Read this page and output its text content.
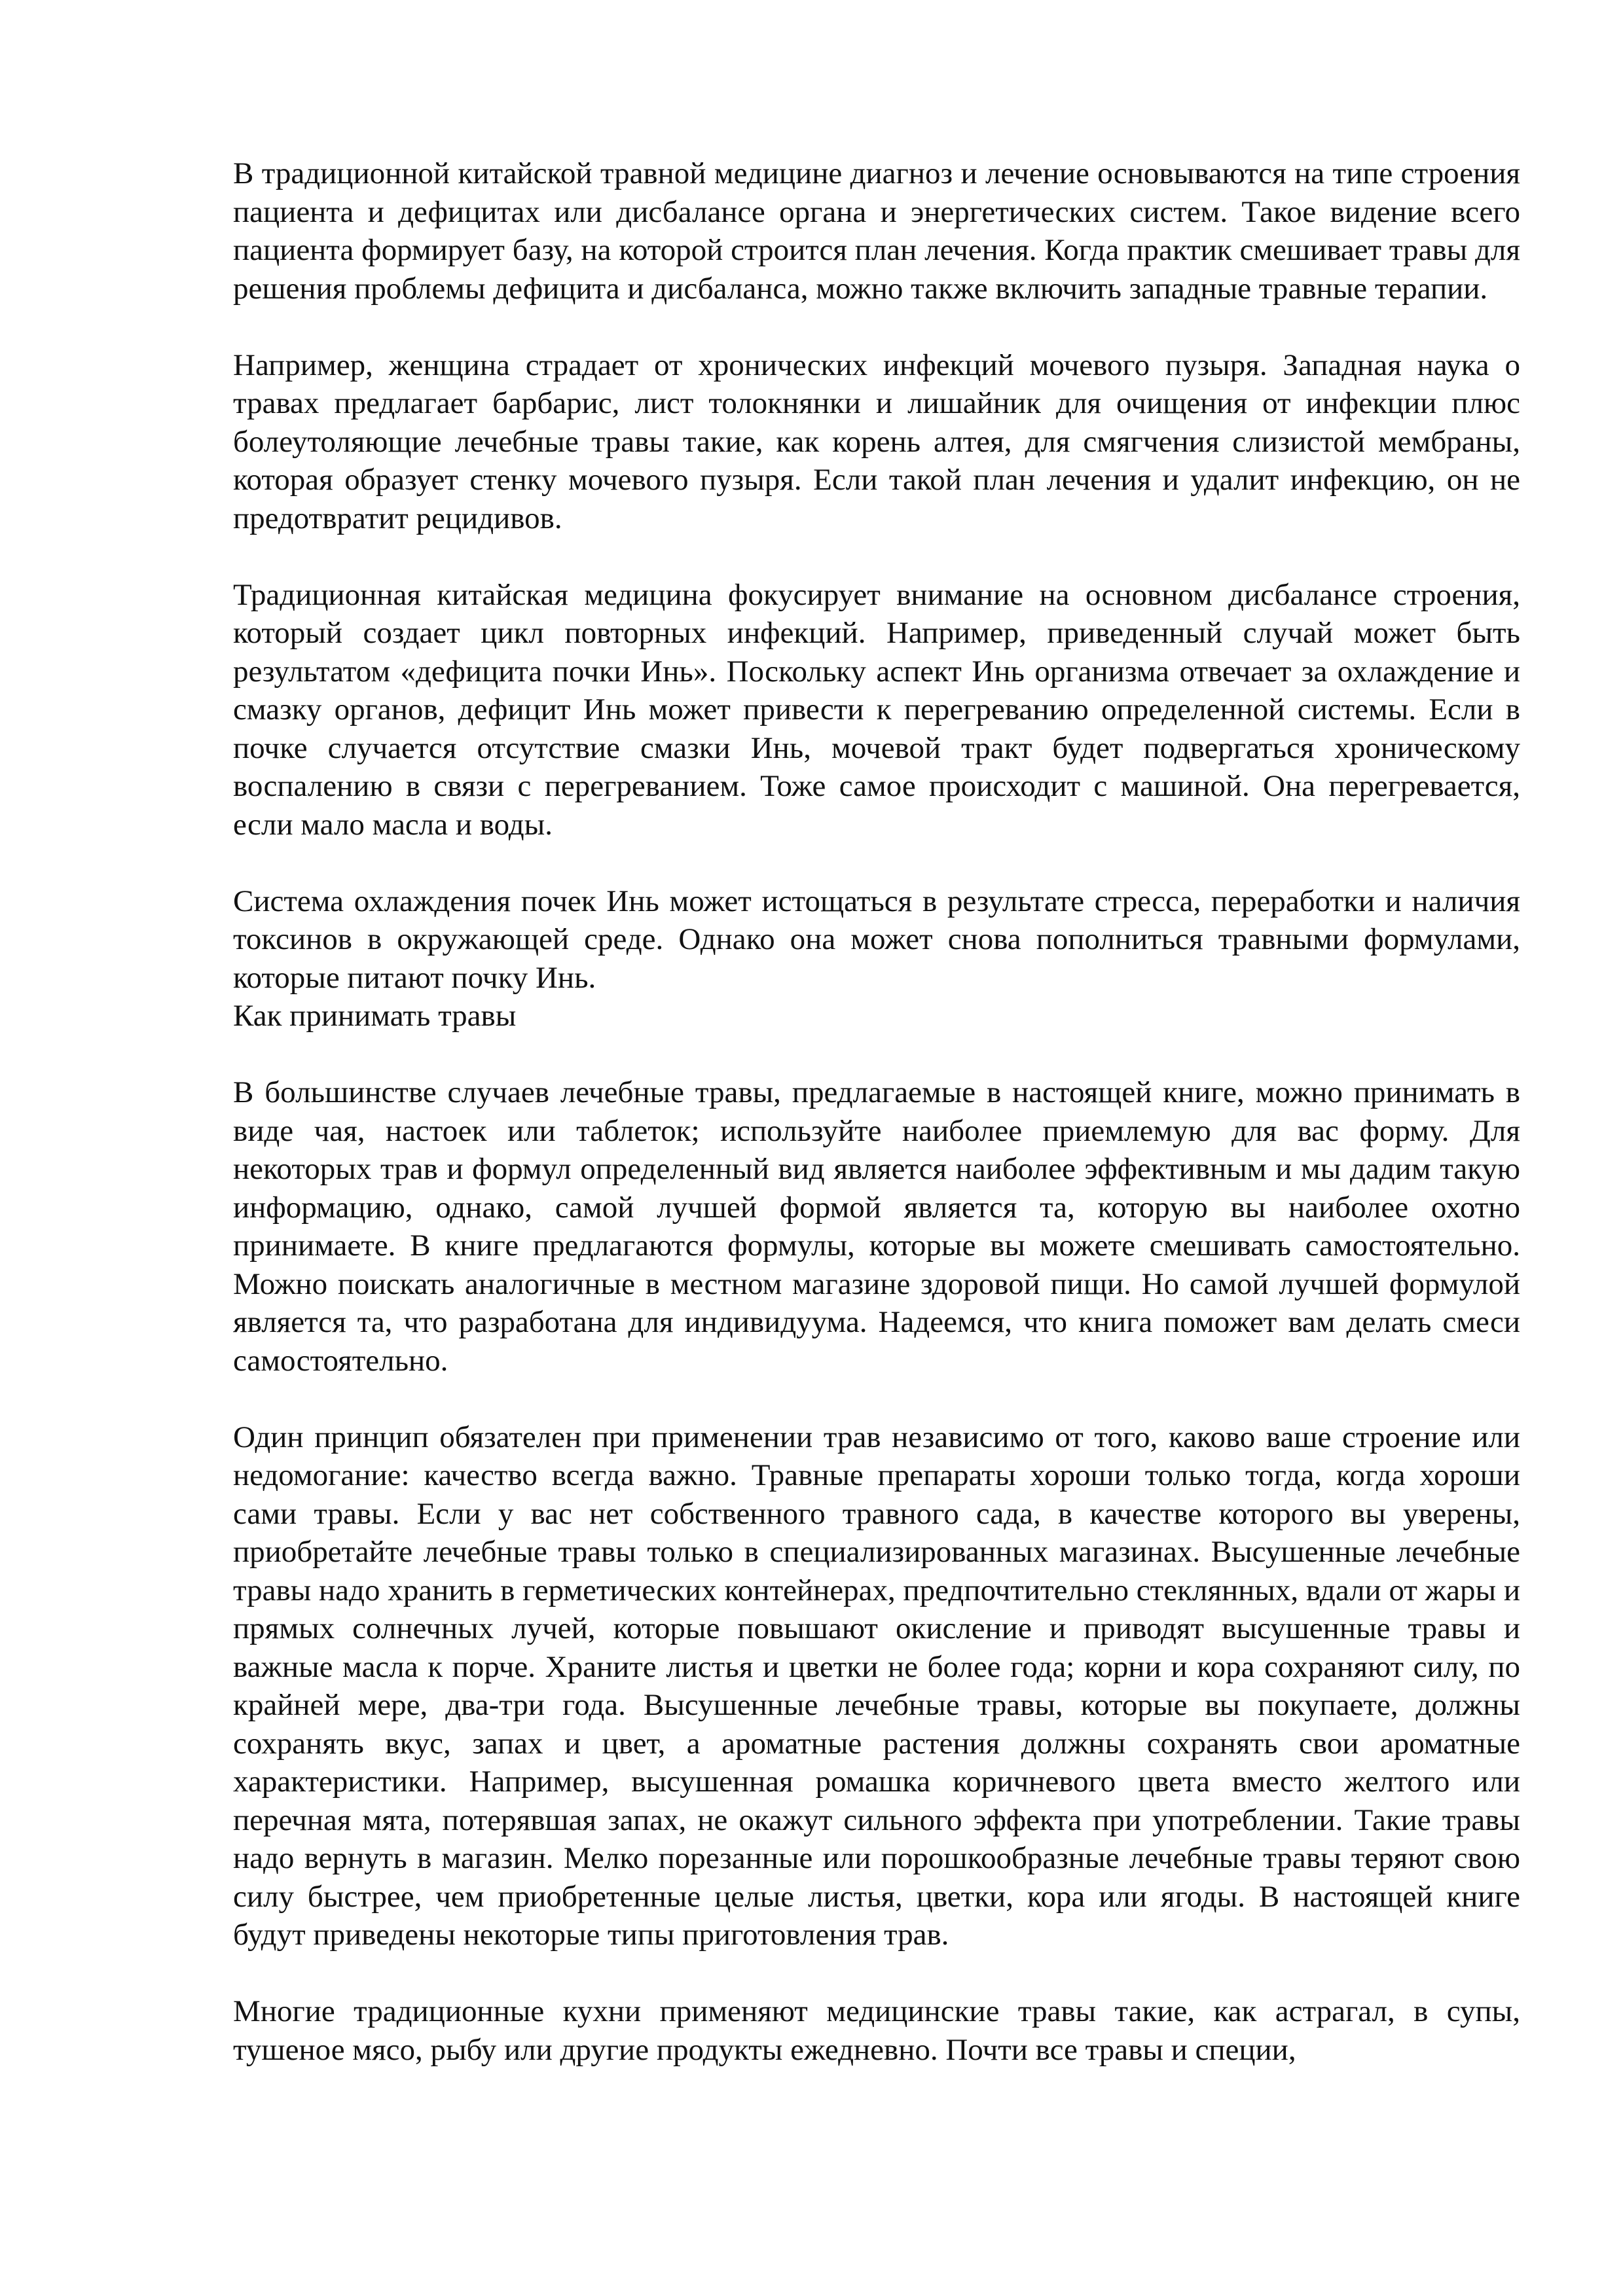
В традиционной китайской травной медицине диагноз и лечение основываются на типе строения пациента и дефицитах или дисбалансе органа и энергетических систем. Такое видение всего пациента формирует базу, на которой строится план лечения. Когда практик смешивает травы для решения проблемы дефицита и дисбаланса, можно также включить западные травные терапии.

Например, женщина страдает от хронических инфекций мочевого пузыря. Западная наука о травах предлагает барбарис, лист толокнянки и лишайник для очищения от инфекции плюс болеутоляющие лечебные травы такие, как корень алтея, для смягчения слизистой мембраны, которая образует стенку мочевого пузыря. Если такой план лечения и удалит инфекцию, он не предотвратит рецидивов.

Традиционная китайская медицина фокусирует внимание на основном дисбалансе строения, который создает цикл повторных инфекций. Например, приведенный случай может быть результатом «дефицита почки Инь». Поскольку аспект Инь организма отвечает за охлаждение и смазку органов, дефицит Инь может привести к перегреванию определенной системы. Если в почке случается отсутствие смазки Инь, мочевой тракт будет подвергаться хроническому воспалению в связи с перегреванием. Тоже самое происходит с машиной. Она перегревается, если мало масла и воды.

Система охлаждения почек Инь может истощаться в результате стресса, переработки и наличия токсинов в окружающей среде. Однако она может снова пополниться травными формулами, которые питают почку Инь.

Как принимать травы

В большинстве случаев лечебные травы, предлагаемые в настоящей книге, можно принимать в виде чая, настоек или таблеток; используйте наиболее приемлемую для вас форму. Для некоторых трав и формул определенный вид является наиболее эффективным и мы дадим такую информацию, однако, самой лучшей формой является та, которую вы наиболее охотно принимаете. В книге предлагаются формулы, которые вы можете смешивать самостоятельно. Можно поискать аналогичные в местном магазине здоровой пищи. Но самой лучшей формулой является та, что разработана для индивидуума. Надеемся, что книга поможет вам делать смеси самостоятельно.

Один принцип обязателен при применении трав независимо от того, каково ваше строение или недомогание: качество всегда важно. Травные препараты хороши только тогда, когда хороши сами травы. Если у вас нет собственного травного сада, в качестве которого вы уверены, приобретайте лечебные травы только в специализированных магазинах. Высушенные лечебные травы надо хранить в герметических контейнерах, предпочтительно стеклянных, вдали от жары и прямых солнечных лучей, которые повышают окисление и приводят высушенные травы и важные масла к порче. Храните листья и цветки не более года; корни и кора сохраняют силу, по крайней мере, два-три года. Высушенные лечебные травы, которые вы покупаете, должны сохранять вкус, запах и цвет, а ароматные растения должны сохранять свои ароматные характеристики. Например, высушенная ромашка коричневого цвета вместо желтого или перечная мята, потерявшая запах, не окажут сильного эффекта при употреблении. Такие травы надо вернуть в магазин. Мелко порезанные или порошкообразные лечебные травы теряют свою силу быстрее, чем приобретенные целые листья, цветки, кора или ягоды. В настоящей книге будут приведены некоторые типы приготовления трав.

Многие традиционные кухни применяют медицинские травы такие, как астрагал, в супы, тушеное мясо, рыбу или другие продукты ежедневно. Почти все травы и специи,
